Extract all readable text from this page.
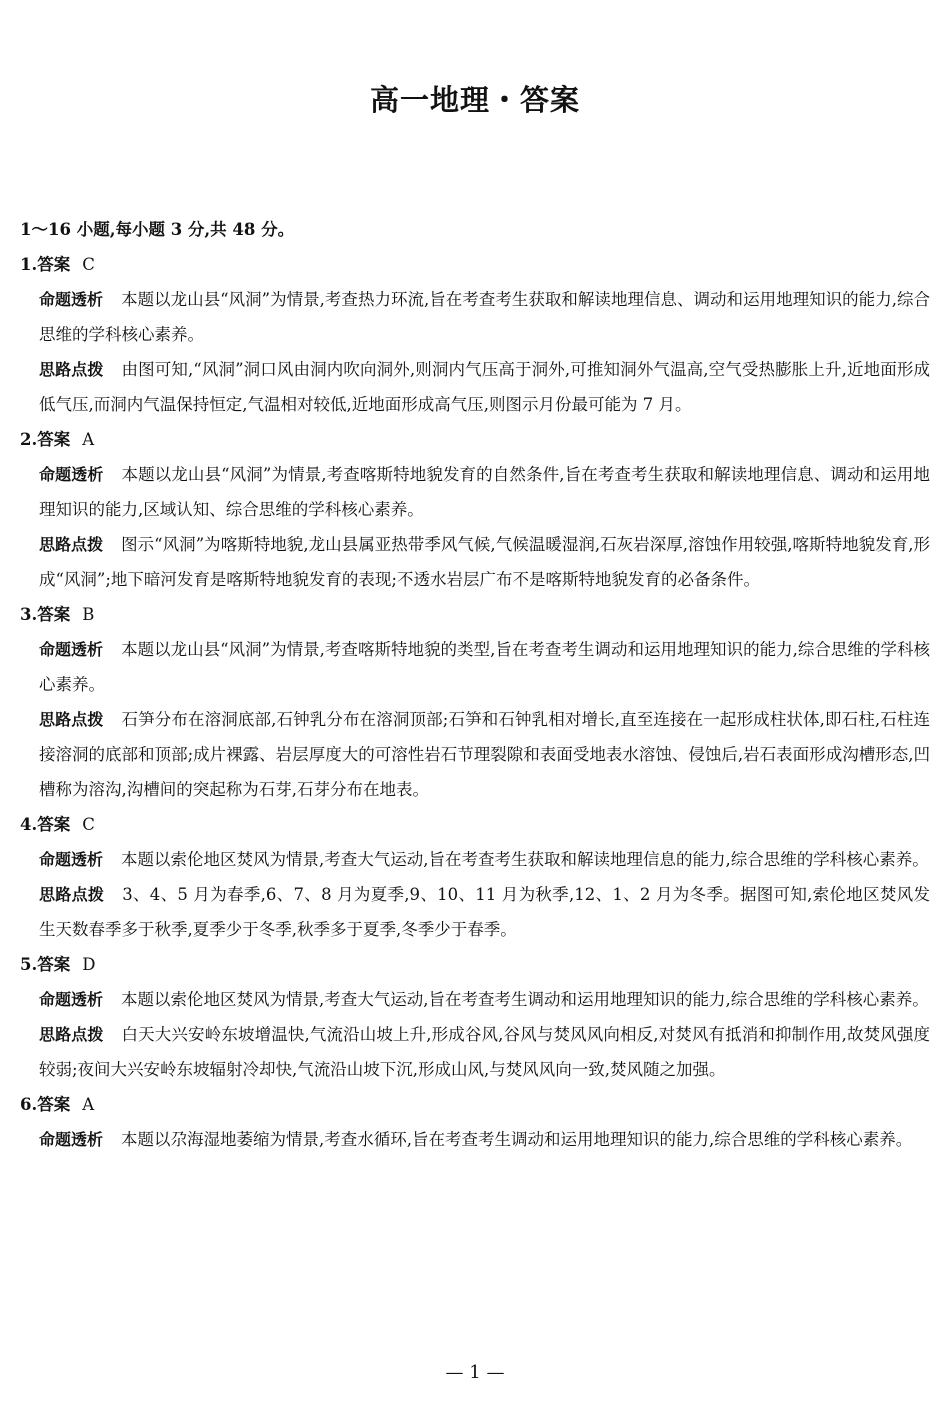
高一地理・答案
1～16 小题,每小题 3 分,共 48 分。
1.答案 C
命题透析 本题以龙山县“风洞”为情景,考查热力环流,旨在考查考生获取和解读地理信息、调动和运用地理知识的能力,综合思维的学科核心素养。
思路点拨 由图可知,“风洞”洞口风由洞内吹向洞外,则洞内气压高于洞外,可推知洞外气温高,空气受热膨胀上升,近地面形成低气压,而洞内气温保持恒定,气温相对较低,近地面形成高气压,则图示月份最可能为 7 月。
2.答案 A
命题透析 本题以龙山县“风洞”为情景,考查喀斯特地貌发育的自然条件,旨在考查考生获取和解读地理信息、调动和运用地理知识的能力,区域认知、综合思维的学科核心素养。
思路点拨 图示“风洞”为喀斯特地貌,龙山县属亚热带季风气候,气候温暖湿润,石灰岩深厚,溶蚀作用较强,喀斯特地貌发育,形成“风洞”;地下暗河发育是喀斯特地貌发育的表现;不透水岩层广布不是喀斯特地貌发育的必备条件。
3.答案 B
命题透析 本题以龙山县“风洞”为情景,考查喀斯特地貌的类型,旨在考查考生调动和运用地理知识的能力,综合思维的学科核心素养。
思路点拨 石笋分布在溶洞底部,石钟乳分布在溶洞顶部;石笋和石钟乳相对增长,直至连接在一起形成柱状体,即石柱,石柱连接溶洞的底部和顶部;成片裸露、岩层厚度大的可溶性岩石节理裂隙和表面受地表水溶蚀、侵蚀后,岩石表面形成沟槽形态,凹槽称为溶沟,沟槽间的突起称为石芽,石芽分布在地表。
4.答案 C
命题透析 本题以索伦地区焚风为情景,考查大气运动,旨在考查考生获取和解读地理信息的能力,综合思维的学科核心素养。
思路点拨 3、4、5 月为春季,6、7、8 月为夏季,9、10、11 月为秋季,12、1、2 月为冬季。据图可知,索伦地区焚风发生天数春季多于秋季,夏季少于冬季,秋季多于夏季,冬季少于春季。
5.答案 D
命题透析 本题以索伦地区焚风为情景,考查大气运动,旨在考查考生调动和运用地理知识的能力,综合思维的学科核心素养。
思路点拨 白天大兴安岭东坡增温快,气流沿山坡上升,形成谷风,谷风与焚风风向相反,对焚风有抵消和抑制作用,故焚风强度较弱;夜间大兴安岭东坡辐射冷却快,气流沿山坡下沉,形成山风,与焚风风向一致,焚风随之加强。
6.答案 A
命题透析 本题以尕海湿地萎缩为情景,考查水循环,旨在考查考生调动和运用地理知识的能力,综合思维的学科核心素养。
— 1 —
